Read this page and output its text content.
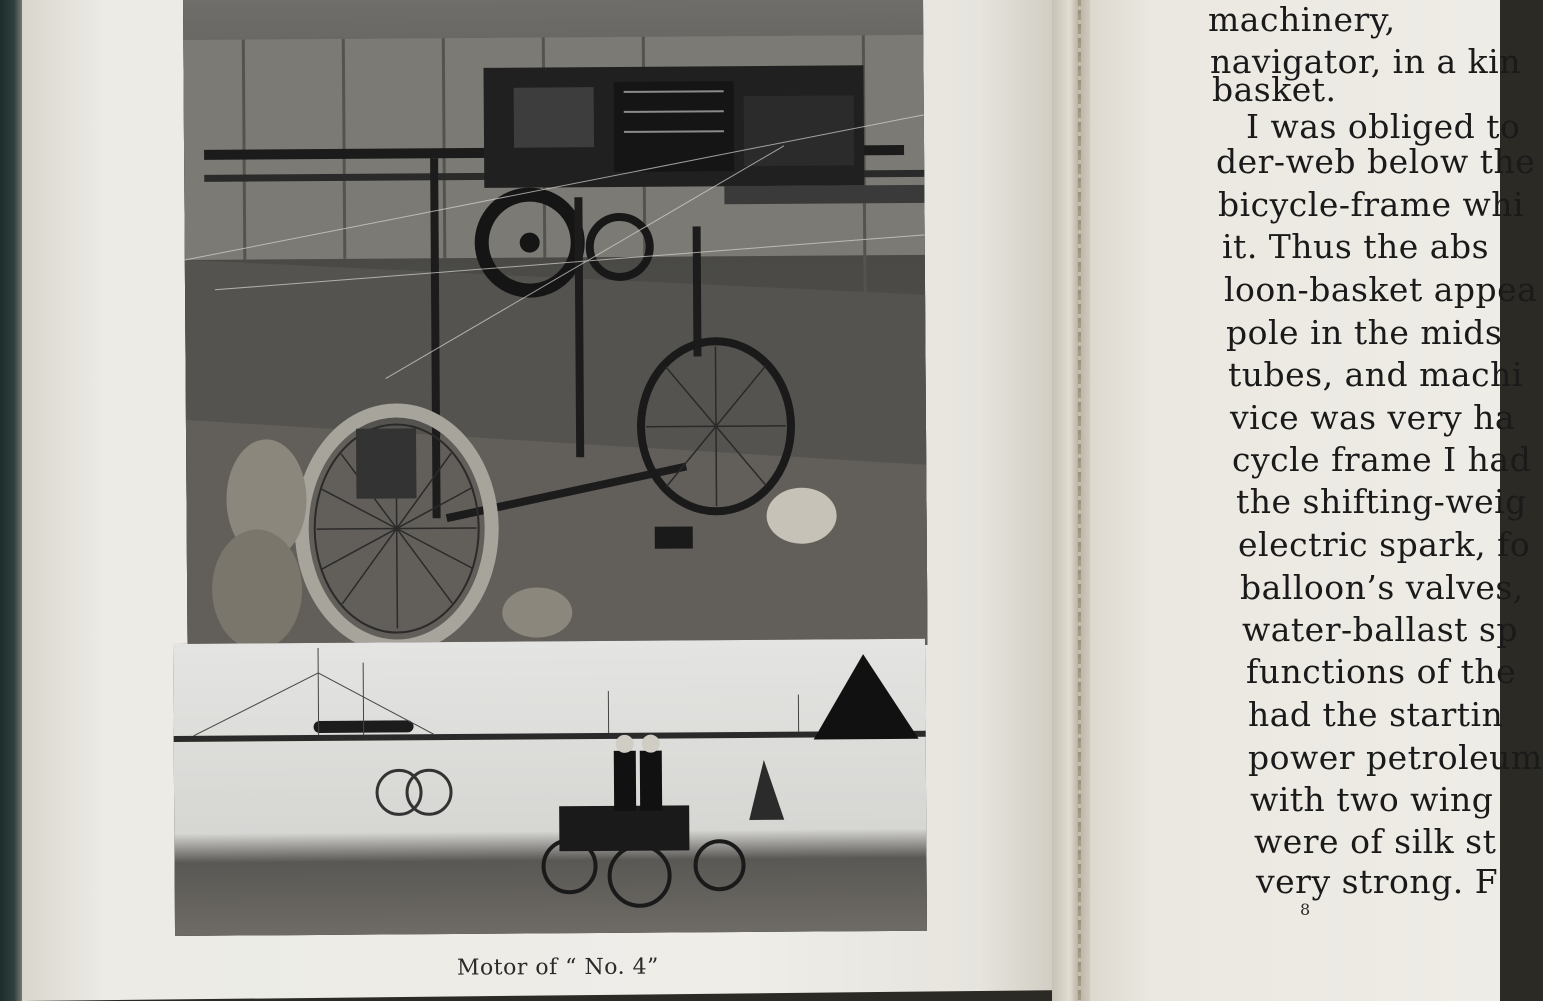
Motor of “ No. 4”
machinery,
navigator, in a kin
basket.
I was obliged to
der-web below the
bicycle-frame whi
it. Thus the abs
loon-basket appea
pole in the mids
tubes, and machi
vice was very ha
cycle frame I had
the shifting-weig
electric spark, fo
balloon’s valves,
water-ballast sp
functions of the
had the startin
power petroleum
with two wing
were of silk st
very strong. F
8
